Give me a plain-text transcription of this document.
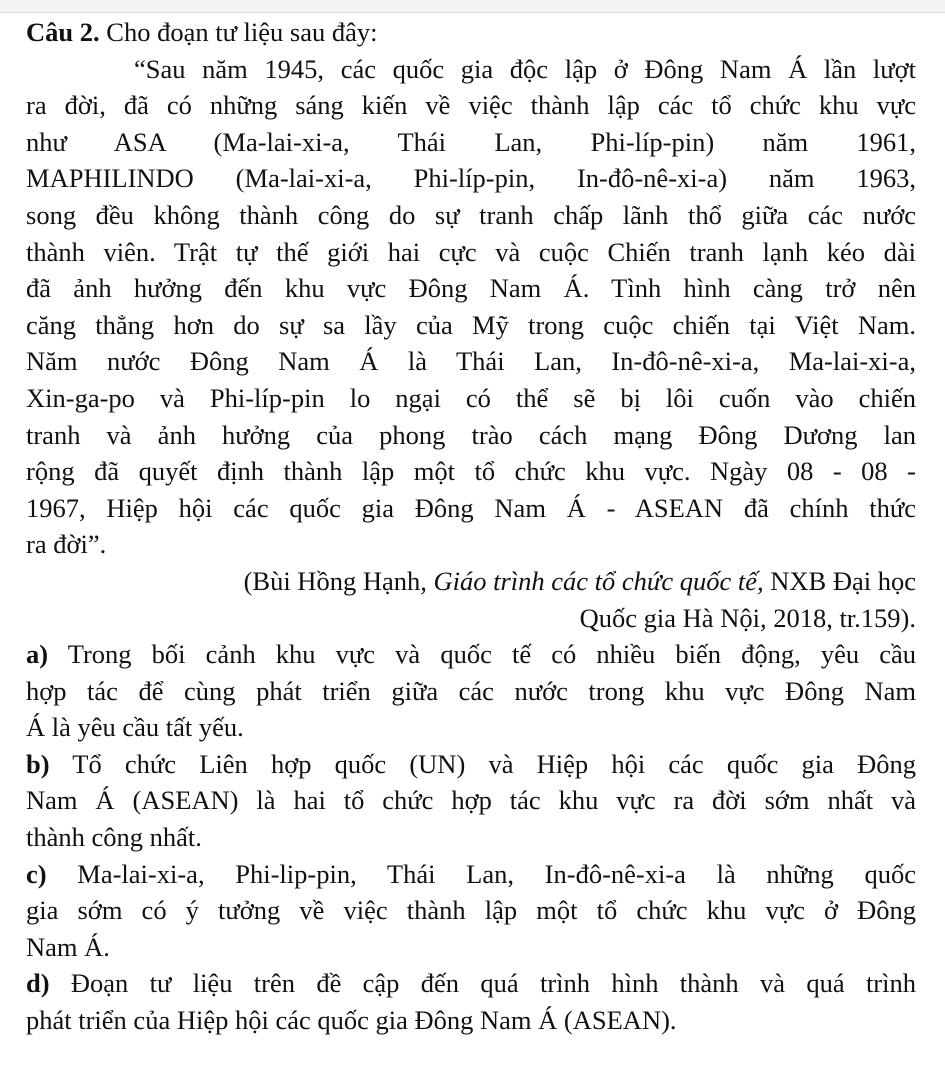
Câu 2. Cho đoạn tư liệu sau đây:
“Sau năm 1945, các quốc gia độc lập ở Đông Nam Á lần lượt
ra đời, đã có những sáng kiến về việc thành lập các tổ chức khu vực
như ASA (Ma-lai-xi-a, Thái Lan, Phi-líp-pin) năm 1961,
MAPHILINDO (Ma-lai-xi-a, Phi-líp-pin, In-đô-nê-xi-a) năm 1963,
song đều không thành công do sự tranh chấp lãnh thổ giữa các nước
thành viên. Trật tự thế giới hai cực và cuộc Chiến tranh lạnh kéo dài
đã ảnh hưởng đến khu vực Đông Nam Á. Tình hình càng trở nên
căng thẳng hơn do sự sa lầy của Mỹ trong cuộc chiến tại Việt Nam.
Năm nước Đông Nam Á là Thái Lan, In-đô-nê-xi-a, Ma-lai-xi-a,
Xin-ga-po và Phi-líp-pin lo ngại có thể sẽ bị lôi cuốn vào chiến
tranh và ảnh hưởng của phong trào cách mạng Đông Dương lan
rộng đã quyết định thành lập một tổ chức khu vực. Ngày 08 - 08 -
1967, Hiệp hội các quốc gia Đông Nam Á - ASEAN đã chính thức
ra đời”.
(Bùi Hồng Hạnh, Giáo trình các tổ chức quốc tế, NXB Đại học
Quốc gia Hà Nội, 2018, tr.159).
a) Trong bối cảnh khu vực và quốc tế có nhiều biến động, yêu cầu
hợp tác để cùng phát triển giữa các nước trong khu vực Đông Nam
Á là yêu cầu tất yếu.
b) Tổ chức Liên hợp quốc (UN) và Hiệp hội các quốc gia Đông
Nam Á (ASEAN) là hai tổ chức hợp tác khu vực ra đời sớm nhất và
thành công nhất.
c) Ma-lai-xi-a, Phi-lip-pin, Thái Lan, In-đô-nê-xi-a là những quốc
gia sớm có ý tưởng về việc thành lập một tổ chức khu vực ở Đông
Nam Á.
d) Đoạn tư liệu trên đề cập đến quá trình hình thành và quá trình
phát triển của Hiệp hội các quốc gia Đông Nam Á (ASEAN).
